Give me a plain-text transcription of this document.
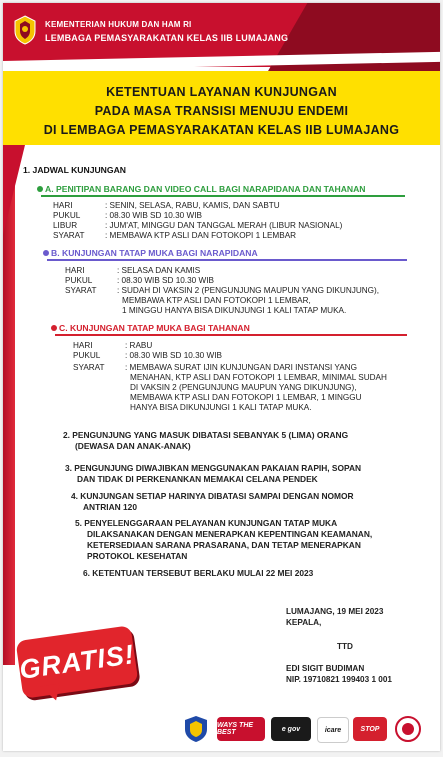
KEMENTERIAN HUKUM DAN HAM RI
LEMBAGA PEMASYARAKATAN KELAS IIB LUMAJANG
KETENTUAN LAYANAN KUNJUNGAN
PADA MASA TRANSISI MENUJU ENDEMI
DI LEMBAGA PEMASYARAKATAN KELAS IIB LUMAJANG
1. JADWAL KUNJUNGAN
A. PENITIPAN BARANG DAN VIDEO CALL BAGI NARAPIDANA DAN TAHANAN
HARI	: SENIN, SELASA, RABU, KAMIS, DAN SABTU
PUKUL	: 08.30 WIB SD 10.30 WIB
LIBUR	: JUM'AT, MINGGU DAN TANGGAL MERAH (LIBUR NASIONAL)
SYARAT : MEMBAWA KTP ASLI DAN FOTOKOPI 1 LEMBAR
B. KUNJUNGAN TATAP MUKA BAGI NARAPIDANA
HARI	: SELASA DAN KAMIS
PUKUL	: 08.30 WIB SD 10.30 WIB
SYARAT : SUDAH DI VAKSIN 2 (PENGUNJUNG MAUPUN YANG DIKUNJUNG),
MEMBAWA KTP ASLI DAN FOTOKOPI 1 LEMBAR,
1 MINGGU HANYA BISA DIKUNJUNGI 1 KALI TATAP MUKA.
C. KUNJUNGAN TATAP MUKA BAGI TAHANAN
HARI	: RABU
PUKUL	: 08.30 WIB SD 10.30 WIB
SYARAT : MEMBAWA SURAT IJIN KUNJUNGAN DARI INSTANSI YANG
MENAHAN, KTP ASLI DAN FOTOKOPI 1 LEMBAR, MINIMAL SUDAH
DI VAKSIN 2 (PENGUNJUNG MAUPUN YANG DIKUNJUNG),
MEMBAWA KTP ASLI DAN FOTOKOPI 1 LEMBAR, 1 MINGGU
HANYA BISA DIKUNJUNGI 1 KALI TATAP MUKA.
2. PENGUNJUNG YANG MASUK DIBATASI SEBANYAK 5 (LIMA) ORANG
(DEWASA DAN ANAK-ANAK)
3. PENGUNJUNG DIWAJIBKAN MENGGUNAKAN PAKAIAN RAPIH, SOPAN
DAN TIDAK DI PERKENANKAN MEMAKAI CELANA PENDEK
4. KUNJUNGAN SETIAP HARINYA DIBATASI SAMPAI DENGAN NOMOR
ANTRIAN 120
5. PENYELENGGARAAN PELAYANAN KUNJUNGAN TATAP MUKA
DILAKSANAKAN DENGAN MENERAPKAN KEPENTINGAN KEAMANAN,
KETERSEDIAAN SARANA PRASARANA, DAN TETAP MENERAPKAN
PROTOKOL KESEHATAN
6. KETENTUAN TERSEBUT BERLAKU MULAI 22 MEI 2023
LUMAJANG, 19 MEI 2023
KEPALA,
TTD
EDI SIGIT BUDIMAN
NIP. 19710821 199403 1 001
GRATIS!
WAYS THE BEST	e gov	icare	STOP
